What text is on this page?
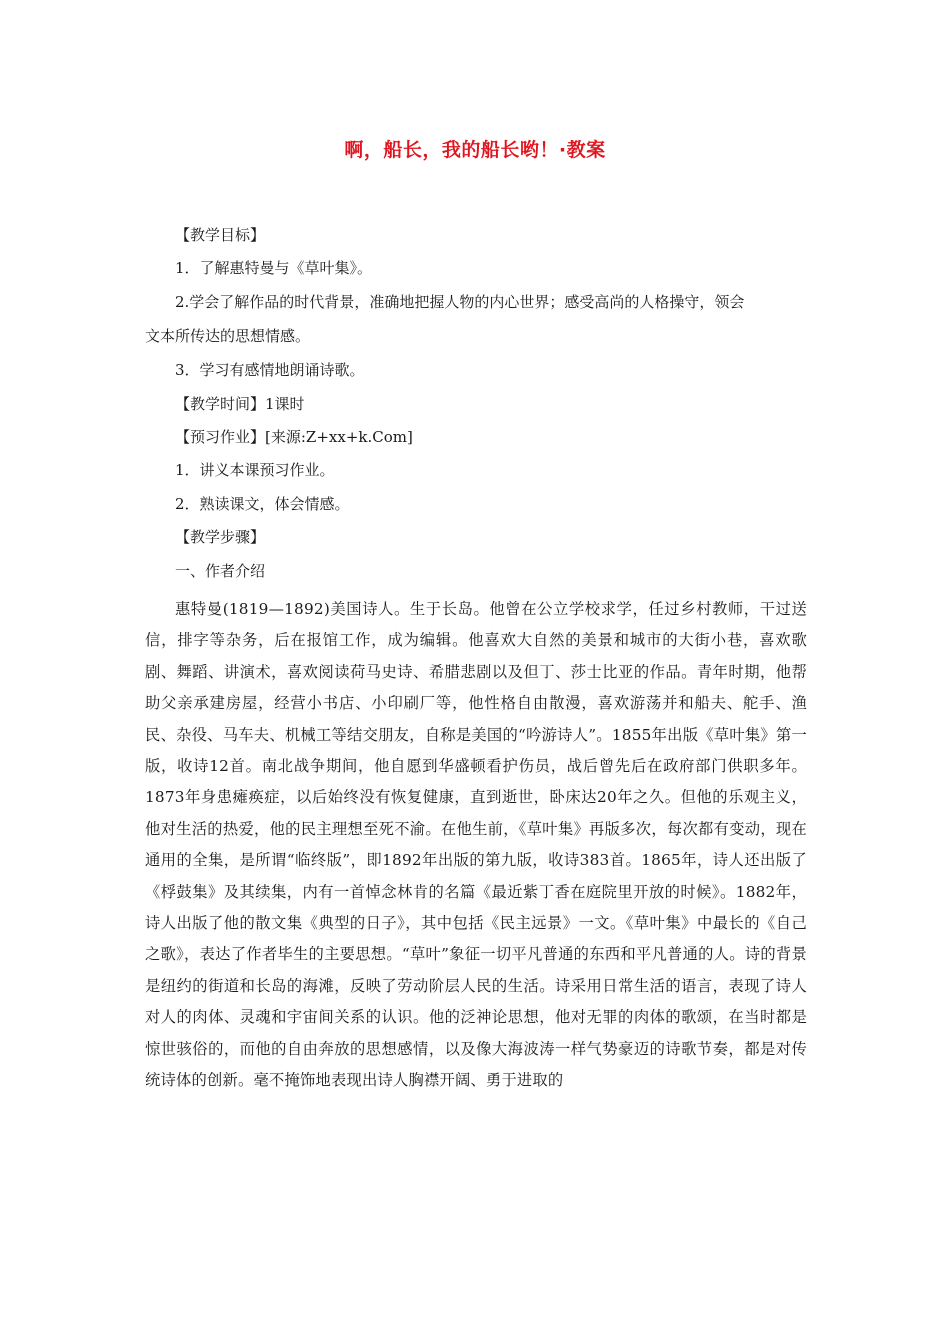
啊，船长，我的船长哟！·教案
【教学目标】
1．了解惠特曼与《草叶集》。
2.学会了解作品的时代背景，准确地把握人物的内心世界；感受高尚的人格操守，领会
文本所传达的思想情感。
3．学习有感情地朗诵诗歌。
【教学时间】1课时
【预习作业】[来源:Z+xx+k.Com]
1．讲义本课预习作业。
2．熟读课文，体会情感。
【教学步骤】
一、作者介绍
惠特曼(1819—1892)美国诗人。生于长岛。他曾在公立学校求学，任过乡村教师，干过送信，排字等杂务，后在报馆工作，成为编辑。他喜欢大自然的美景和城市的大街小巷，喜欢歌剧、舞蹈、讲演术，喜欢阅读荷马史诗、希腊悲剧以及但丁、莎士比亚的作品。青年时期，他帮助父亲承建房屋，经营小书店、小印刷厂等，他性格自由散漫，喜欢游荡并和船夫、舵手、渔民、杂役、马车夫、机械工等结交朋友，自称是美国的“吟游诗人”。1855年出版《草叶集》第一版，收诗12首。南北战争期间，他自愿到华盛顿看护伤员，战后曾先后在政府部门供职多年。1873年身患瘫痪症，以后始终没有恢复健康，直到逝世，卧床达20年之久。但他的乐观主义，他对生活的热爱，他的民主理想至死不渝。在他生前，《草叶集》再版多次，每次都有变动，现在通用的全集，是所谓“临终版”，即1892年出版的第九版，收诗383首。1865年，诗人还出版了《桴鼓集》及其续集，内有一首悼念林肯的名篇《最近紫丁香在庭院里开放的时候》。1882年，诗人出版了他的散文集《典型的日子》，其中包括《民主远景》一文。《草叶集》中最长的《自己之歌》，表达了作者毕生的主要思想。“草叶”象征一切平凡普通的东西和平凡普通的人。诗的背景是纽约的街道和长岛的海滩，反映了劳动阶层人民的生活。诗采用日常生活的语言，表现了诗人对人的肉体、灵魂和宇宙间关系的认识。他的泛神论思想，他对无罪的肉体的歌颂，在当时都是惊世骇俗的，而他的自由奔放的思想感情，以及像大海波涛一样气势豪迈的诗歌节奏，都是对传统诗体的创新。毫不掩饰地表现出诗人胸襟开阔、勇于进取的
